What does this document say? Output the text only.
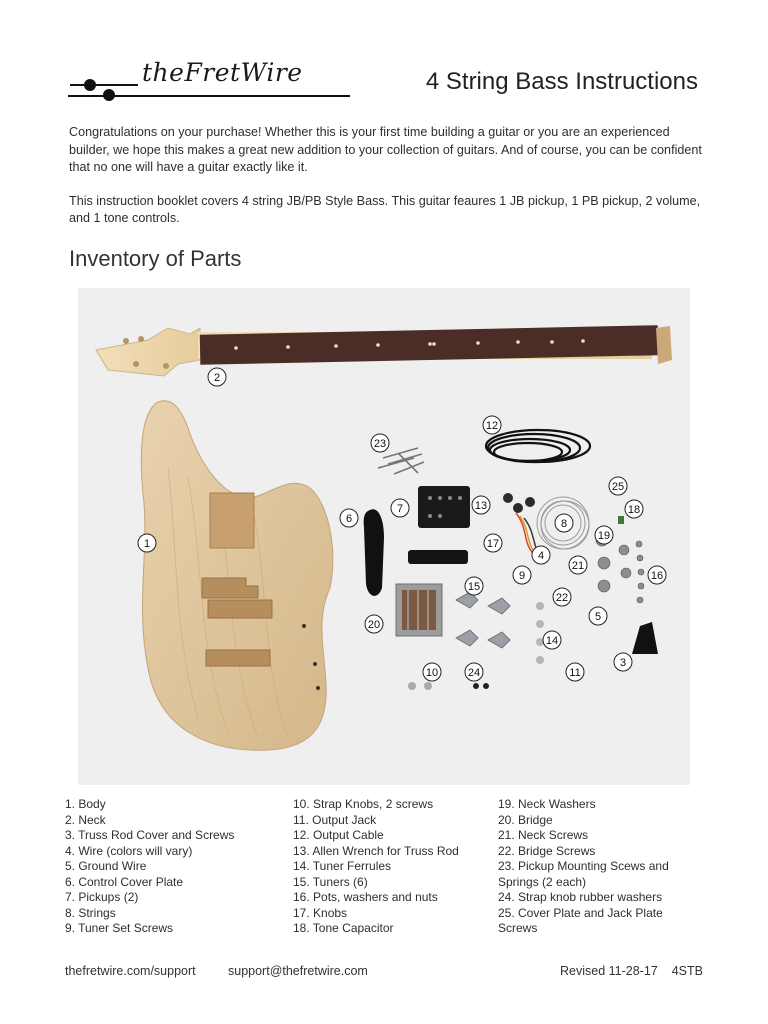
theFretWire	4 String Bass Instructions

Congratulations on your purchase! Whether this is your first time building a guitar or you are an experienced builder, we hope this makes a great new addition to your collection of guitars. And of course, you can be confident that no one will have a guitar exactly like it.

This instruction booklet covers 4 string JB/PB Style Bass. This guitar feaures 1 JB pickup, 1 PB pickup, 2 volume, and 1 tone controls.

Inventory of Parts
1
2
3
4
5
6
7
8
9
10	11
12
13
14
15
16
17
18
19
20
21
22
23
24
25
1. Body
2. Neck
3. Truss Rod Cover and Screws
4. Wire (colors will vary)
5. Ground Wire
6. Control Cover Plate
7. Pickups (2)
8. Strings
9. Tuner Set Screws
10. Strap Knobs, 2 screws
11. Output Jack
12. Output Cable
13. Allen Wrench for Truss Rod
14. Tuner Ferrules
15. Tuners (6)
16. Pots, washers and nuts
17. Knobs
18. Tone Capacitor
19. Neck Washers
20. Bridge
21. Neck Screws
22. Bridge Screws
23. Pickup Mounting Scews and Springs (2 each)
24. Strap knob rubber washers
25. Cover Plate and Jack Plate Screws
thefretwire.com/support	support@thefretwire.com	Revised 11-28-17 4STB
